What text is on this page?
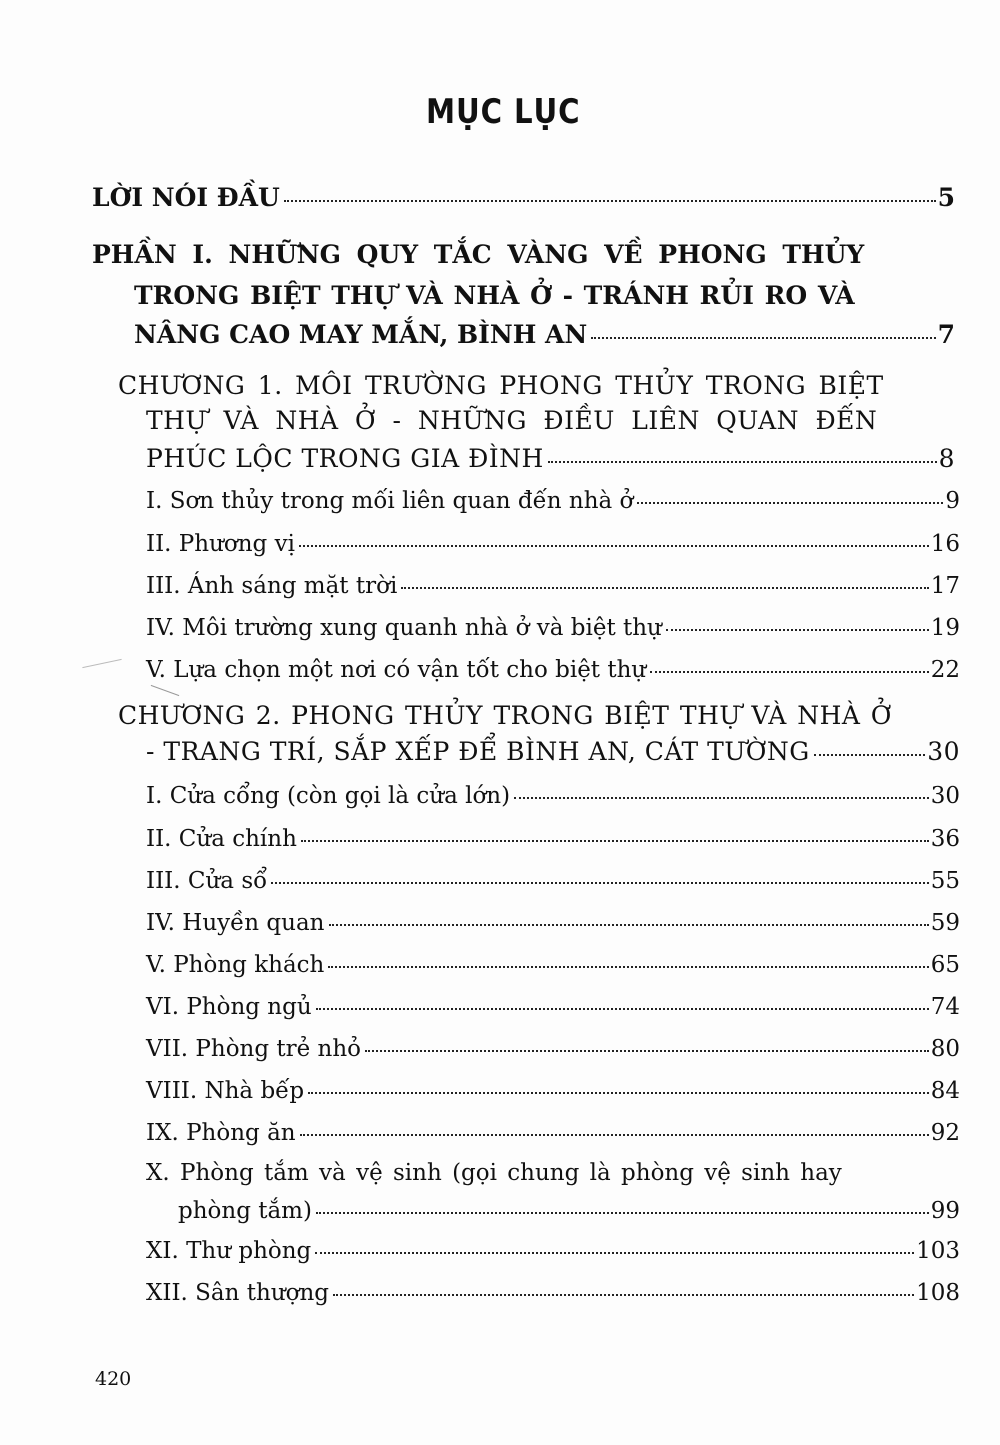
MỤC LỤC
LỜI NÓI ĐẦU	5
PHẦN I. NHỮNG QUY TẮC VÀNG VỀ PHONG THỦY
TRONG BIỆT THỰ VÀ NHÀ Ở - TRÁNH RỦI RO VÀ
NÂNG CAO MAY MẮN, BÌNH AN	7
CHƯƠNG 1. MÔI TRƯỜNG PHONG THỦY TRONG BIỆT
THỰ VÀ NHÀ Ở - NHỮNG ĐIỀU LIÊN QUAN ĐẾN
PHÚC LỘC TRONG GIA ĐÌNH	8
I. Sơn thủy trong mối liên quan đến nhà ở	9
II. Phương vị	16
III. Ánh sáng mặt trời	17
IV. Môi trường xung quanh nhà ở và biệt thự	19
V. Lựa chọn một nơi có vận tốt cho biệt thự	22
CHƯƠNG 2. PHONG THỦY TRONG BIỆT THỰ VÀ NHÀ Ở
- TRANG TRÍ, SẮP XẾP ĐỂ BÌNH AN, CÁT TƯỜNG	30
I. Cửa cổng (còn gọi là cửa lớn)	30
II. Cửa chính	36
III. Cửa sổ	55
IV. Huyền quan	59
V. Phòng khách	65
VI. Phòng ngủ	74
VII. Phòng trẻ nhỏ	80
VIII. Nhà bếp	84
IX. Phòng ăn	92
X. Phòng tắm và vệ sinh (gọi chung là phòng vệ sinh hay
phòng tắm)	99
XI. Thư phòng	103
XII. Sân thượng	108
420
